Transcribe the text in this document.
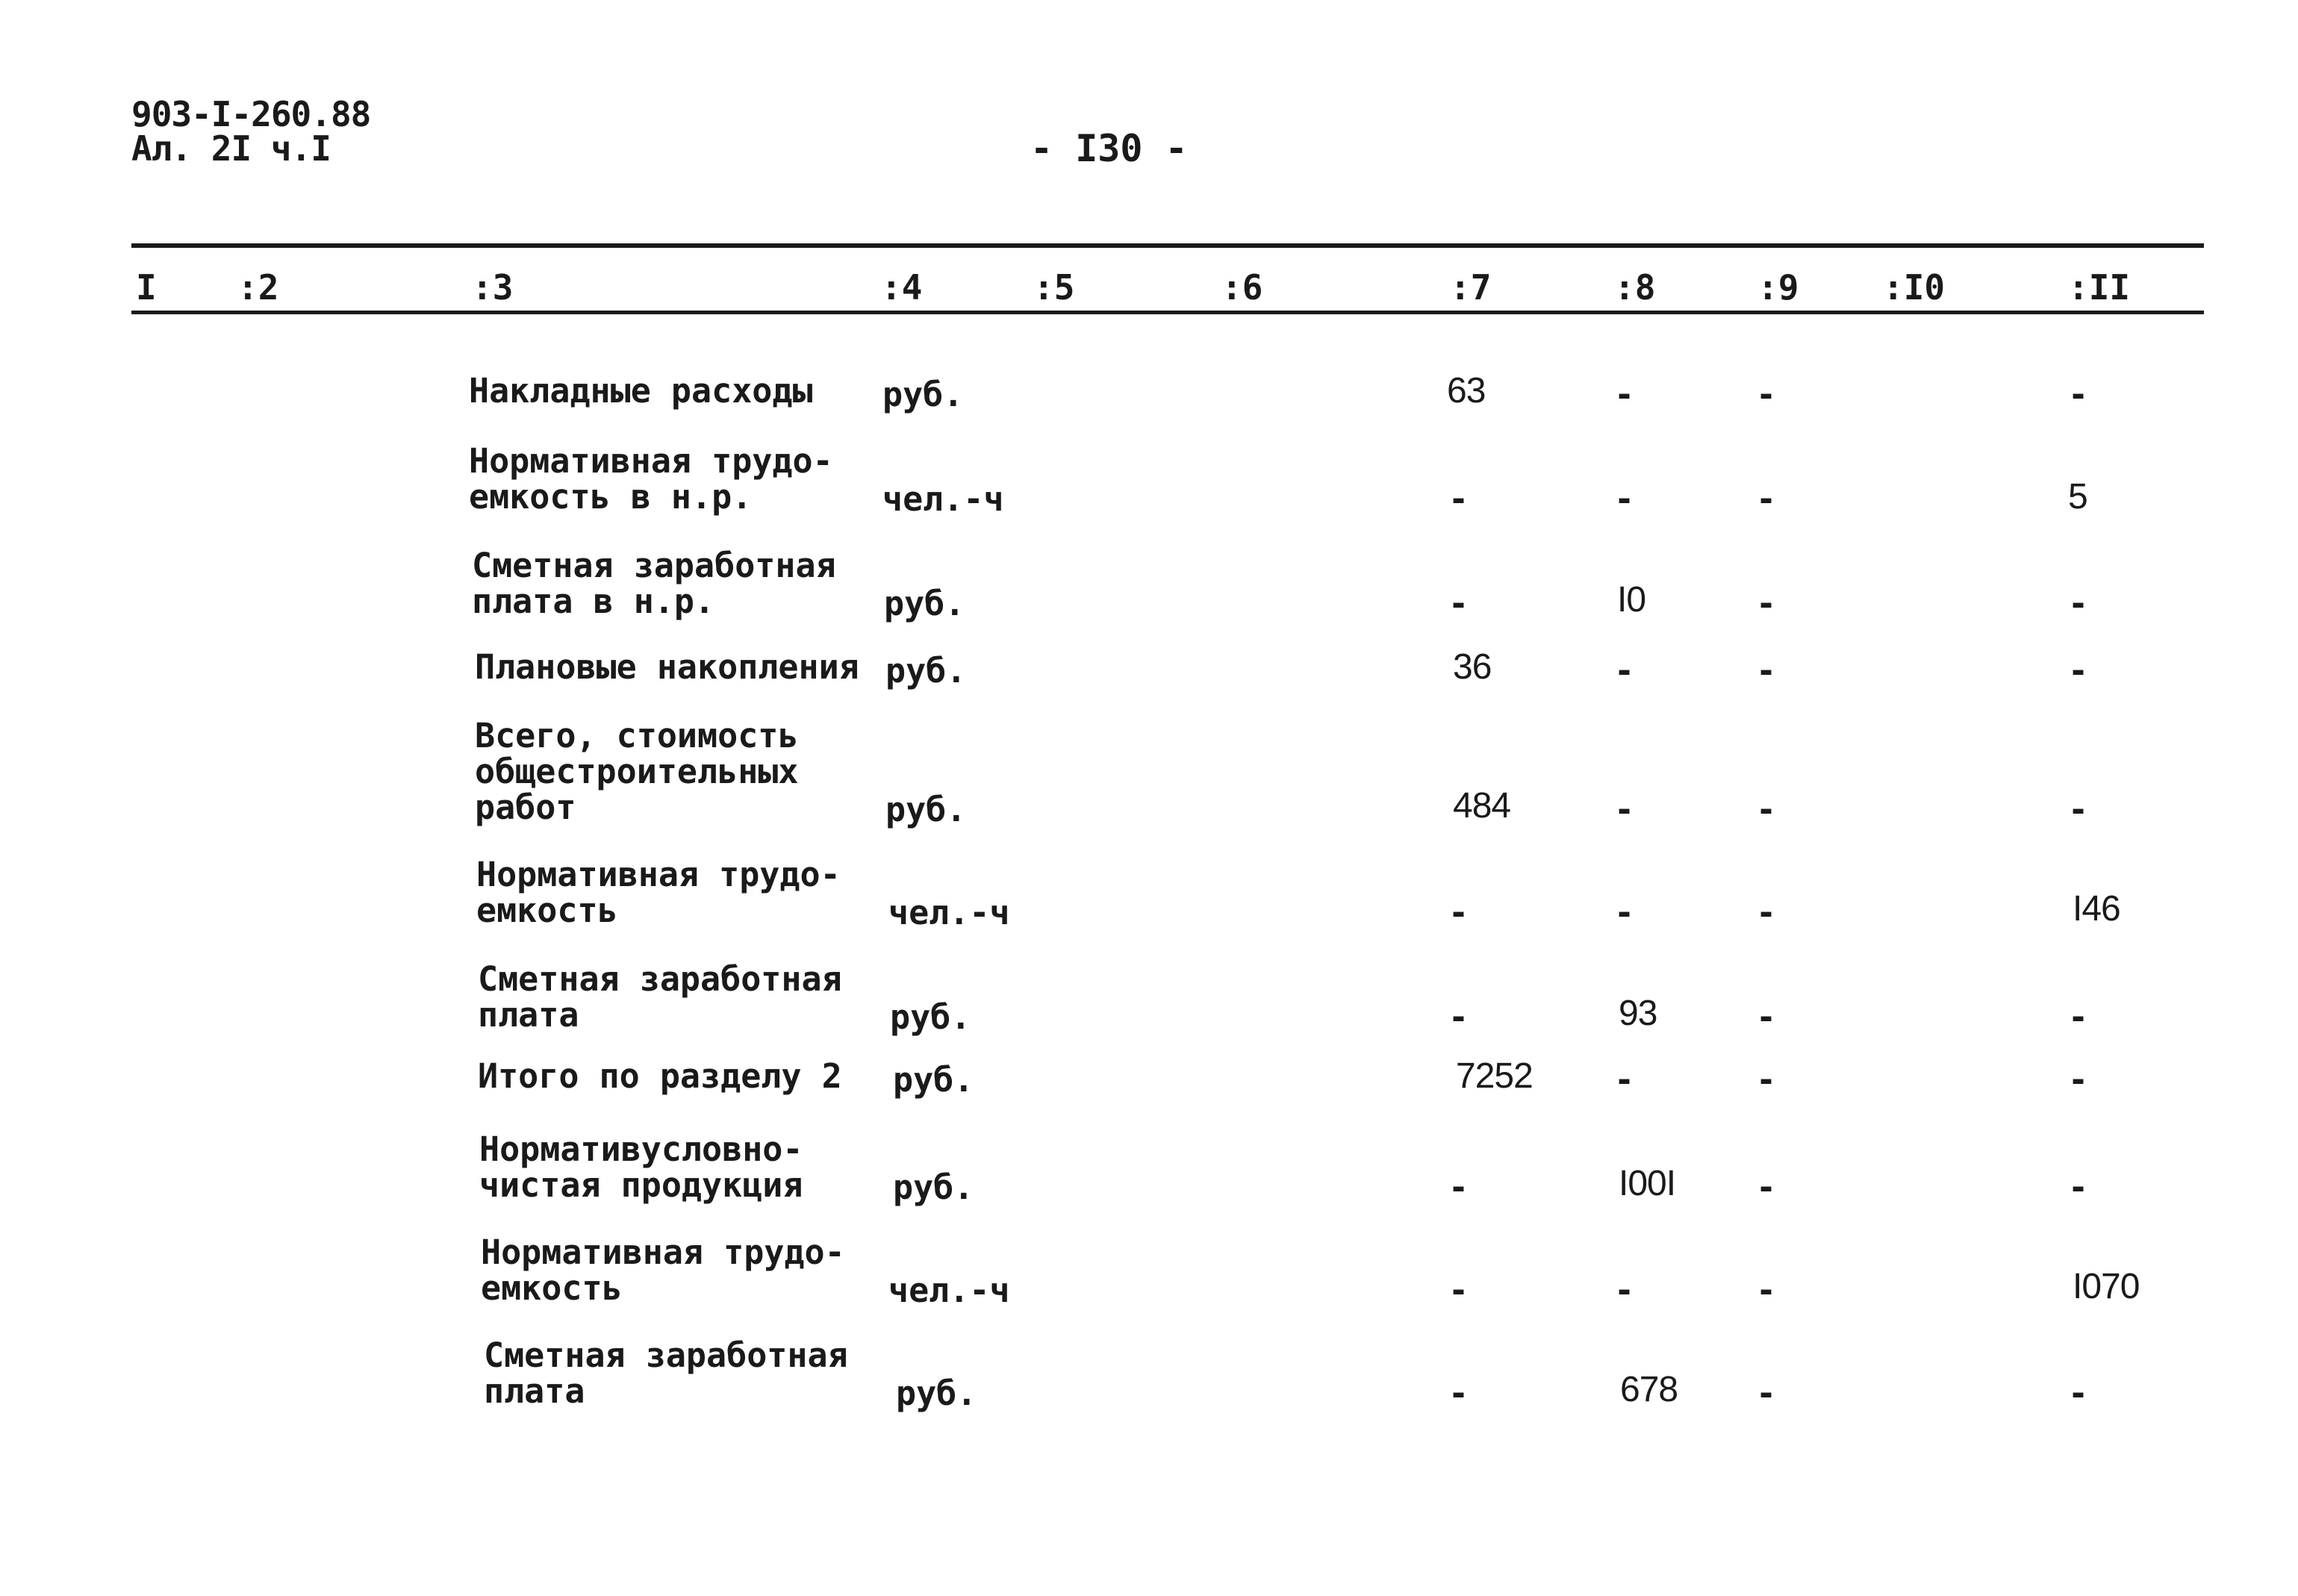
903-I-260.88
Ал. 2I ч.I	- I30 -
I :2	:3	:4	:5	:6	:7	:8	:9 :I0	:II
Накладные расходы руб.	63	-	-	-
Нормативная трудо-
емкость в н.р.	чел.-ч	-	-	-	5
Сметная заработная
плата в н.р.	руб.	-	I0	-	-
Плановые накопления руб.	36	-	-	-
Всего, стоимость
общестроительных
работ	руб.	484	-	-	-
Нормативная трудо-
емкость	чел.-ч	-	-	-	I46
Сметная заработная
плата	руб.	-	93	-	-
Итого по разделу 2 руб.	7252 -	-	-
Нормативусловно-
чистая продукция	руб.	-	I00I -	-
Нормативная трудо-
емкость	чел.-ч	-	-	-	I070
Сметная заработная
плата	руб.	-	678 -	-
